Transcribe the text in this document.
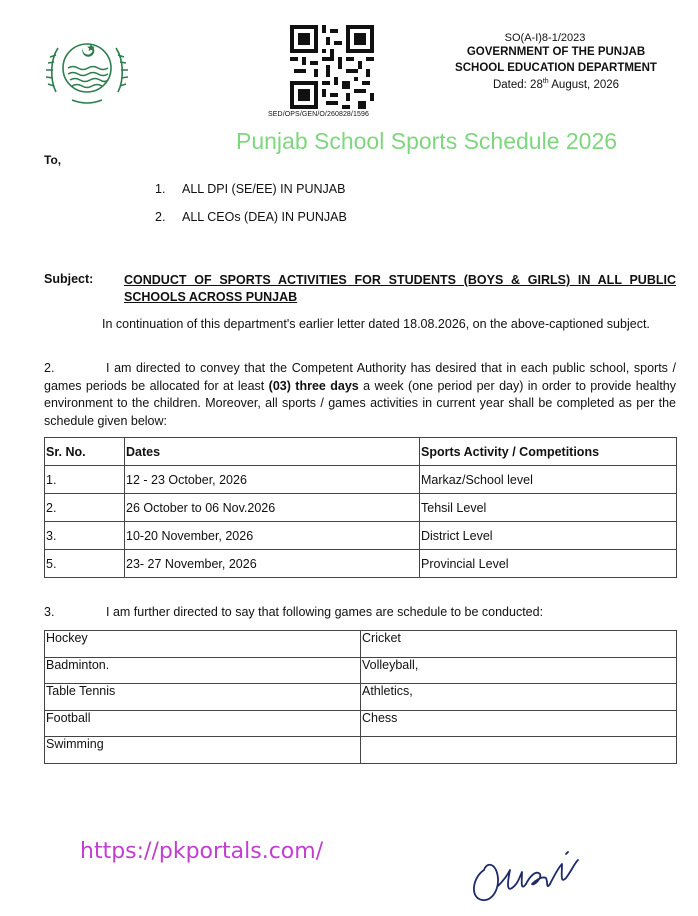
SED/OPS/GEN/O/260828/1596
SO(A-I)8-1/2023
GOVERNMENT OF THE PUNJAB
SCHOOL EDUCATION DEPARTMENT
Dated: 28th August, 2026
Punjab School Sports Schedule 2026
To,
1. ALL DPI (SE/EE) IN PUNJAB
2. ALL CEOs (DEA) IN PUNJAB
Subject: CONDUCT OF SPORTS ACTIVITIES FOR STUDENTS (BOYS & GIRLS) IN ALL PUBLIC SCHOOLS ACROSS PUNJAB
In continuation of this department's earlier letter dated 18.08.2026, on the above-captioned subject.
2.	I am directed to convey that the Competent Authority has desired that in each public school, sports / games periods be allocated for at least (03) three days a week (one period per day) in order to provide healthy environment to the children. Moreover, all sports / games activities in current year shall be completed as per the schedule given below:
Sr. No.	Dates	Sports Activity / Competitions
1.	12 - 23 October, 2026	Markaz/School level
2.	26 October to 06 Nov.2026	Tehsil Level
3.	10-20 November, 2026	District Level
5.	23- 27 November, 2026	Provincial Level
3.	I am further directed to say that following games are schedule to be conducted:
Hockey	Cricket
Badminton.	Volleyball,
Table Tennis	Athletics,
Football	Chess
Swimming	
https://pkportals.com/
